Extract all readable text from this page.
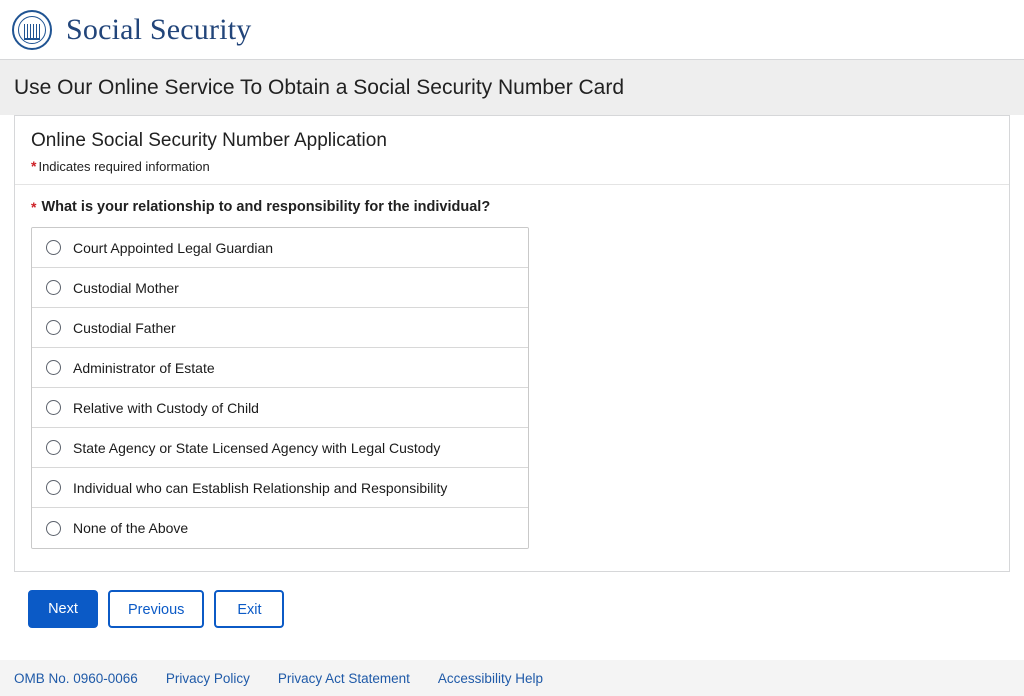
Social Security
Use Our Online Service To Obtain a Social Security Number Card
Online Social Security Number Application
* Indicates required information
* What is your relationship to and responsibility for the individual?
Court Appointed Legal Guardian
Custodial Mother
Custodial Father
Administrator of Estate
Relative with Custody of Child
State Agency or State Licensed Agency with Legal Custody
Individual who can Establish Relationship and Responsibility
None of the Above
Next	Previous	Exit
OMB No. 0960-0066 Privacy Policy Privacy Act Statement Accessibility Help
